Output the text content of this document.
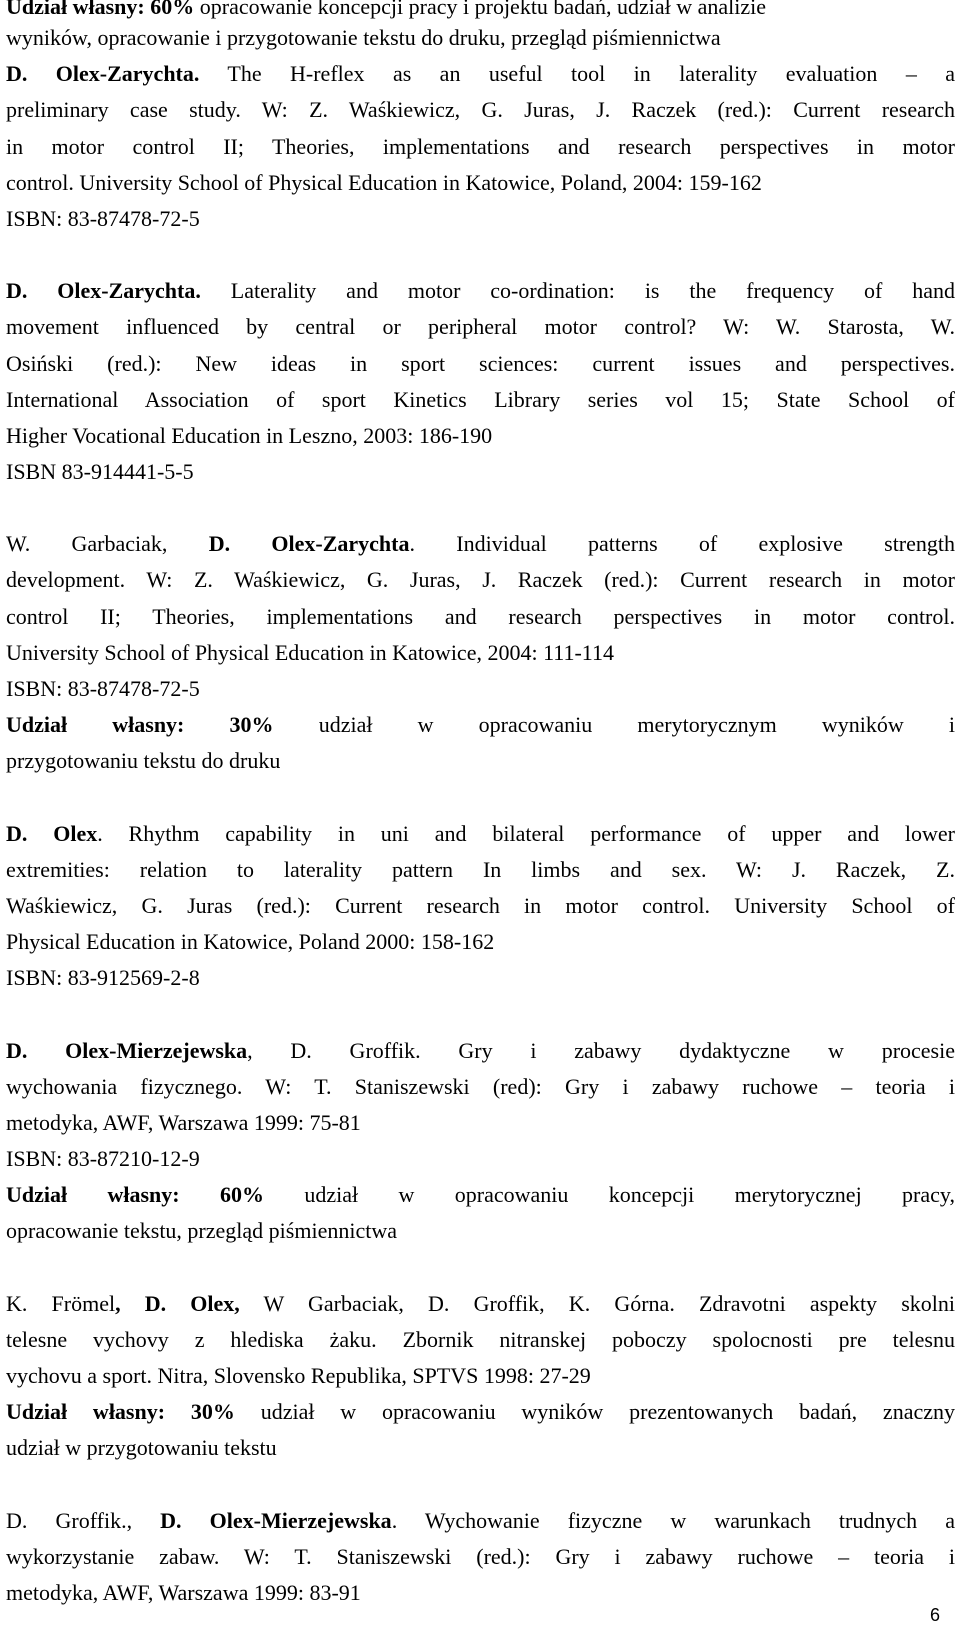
Udział własny: 60% opracowanie koncepcji pracy i projektu badań, udział w analizie
wyników, opracowanie i przygotowanie tekstu do druku, przegląd piśmiennictwa
D. Olex-Zarychta. The H-reflex as an useful tool in laterality evaluation – a
preliminary case study. W: Z. Waśkiewicz, G. Juras, J. Raczek (red.): Current research
in motor control II; Theories, implementations and research perspectives in motor
control. University School of Physical Education in Katowice, Poland, 2004: 159-162
ISBN: 83-87478-72-5
D. Olex-Zarychta. Laterality and motor co-ordination: is the frequency of hand
movement influenced by central or peripheral motor control? W: W. Starosta, W.
Osiński (red.): New ideas in sport sciences: current issues and perspectives.
International Association of sport Kinetics Library series vol 15; State School of
Higher Vocational Education in Leszno, 2003: 186-190
ISBN 83-914441-5-5
W. Garbaciak, D. Olex-Zarychta. Individual patterns of explosive strength
development. W: Z. Waśkiewicz, G. Juras, J. Raczek (red.): Current research in motor
control II; Theories, implementations and research perspectives in motor control.
University School of Physical Education in Katowice, 2004: 111-114
ISBN: 83-87478-72-5
Udział własny: 30% udział w opracowaniu merytorycznym wyników i
przygotowaniu tekstu do druku
D. Olex. Rhythm capability in uni and bilateral performance of upper and lower
extremities: relation to laterality pattern In limbs and sex. W: J. Raczek, Z.
Waśkiewicz, G. Juras (red.): Current research in motor control. University School of
Physical Education in Katowice, Poland 2000: 158-162
ISBN: 83-912569-2-8
D. Olex-Mierzejewska, D. Groffik. Gry i zabawy dydaktyczne w procesie
wychowania fizycznego. W: T. Staniszewski (red): Gry i zabawy ruchowe – teoria i
metodyka, AWF, Warszawa 1999: 75-81
ISBN: 83-87210-12-9
Udział własny: 60% udział w opracowaniu koncepcji merytorycznej pracy,
opracowanie tekstu, przegląd piśmiennictwa
K. Frömel, D. Olex, W Garbaciak, D. Groffik, K. Górna. Zdravotni aspekty skolni
telesne vychovy z hlediska żaku. Zbornik nitranskej poboczy spolocnosti pre telesnu
vychovu a sport. Nitra, Slovensko Republika, SPTVS 1998: 27-29
Udział własny: 30% udział w opracowaniu wyników prezentowanych badań, znaczny
udział w przygotowaniu tekstu
D. Groffik., D. Olex-Mierzejewska. Wychowanie fizyczne w warunkach trudnych a
wykorzystanie zabaw. W: T. Staniszewski (red.): Gry i zabawy ruchowe – teoria i
metodyka, AWF, Warszawa 1999: 83-91
6
